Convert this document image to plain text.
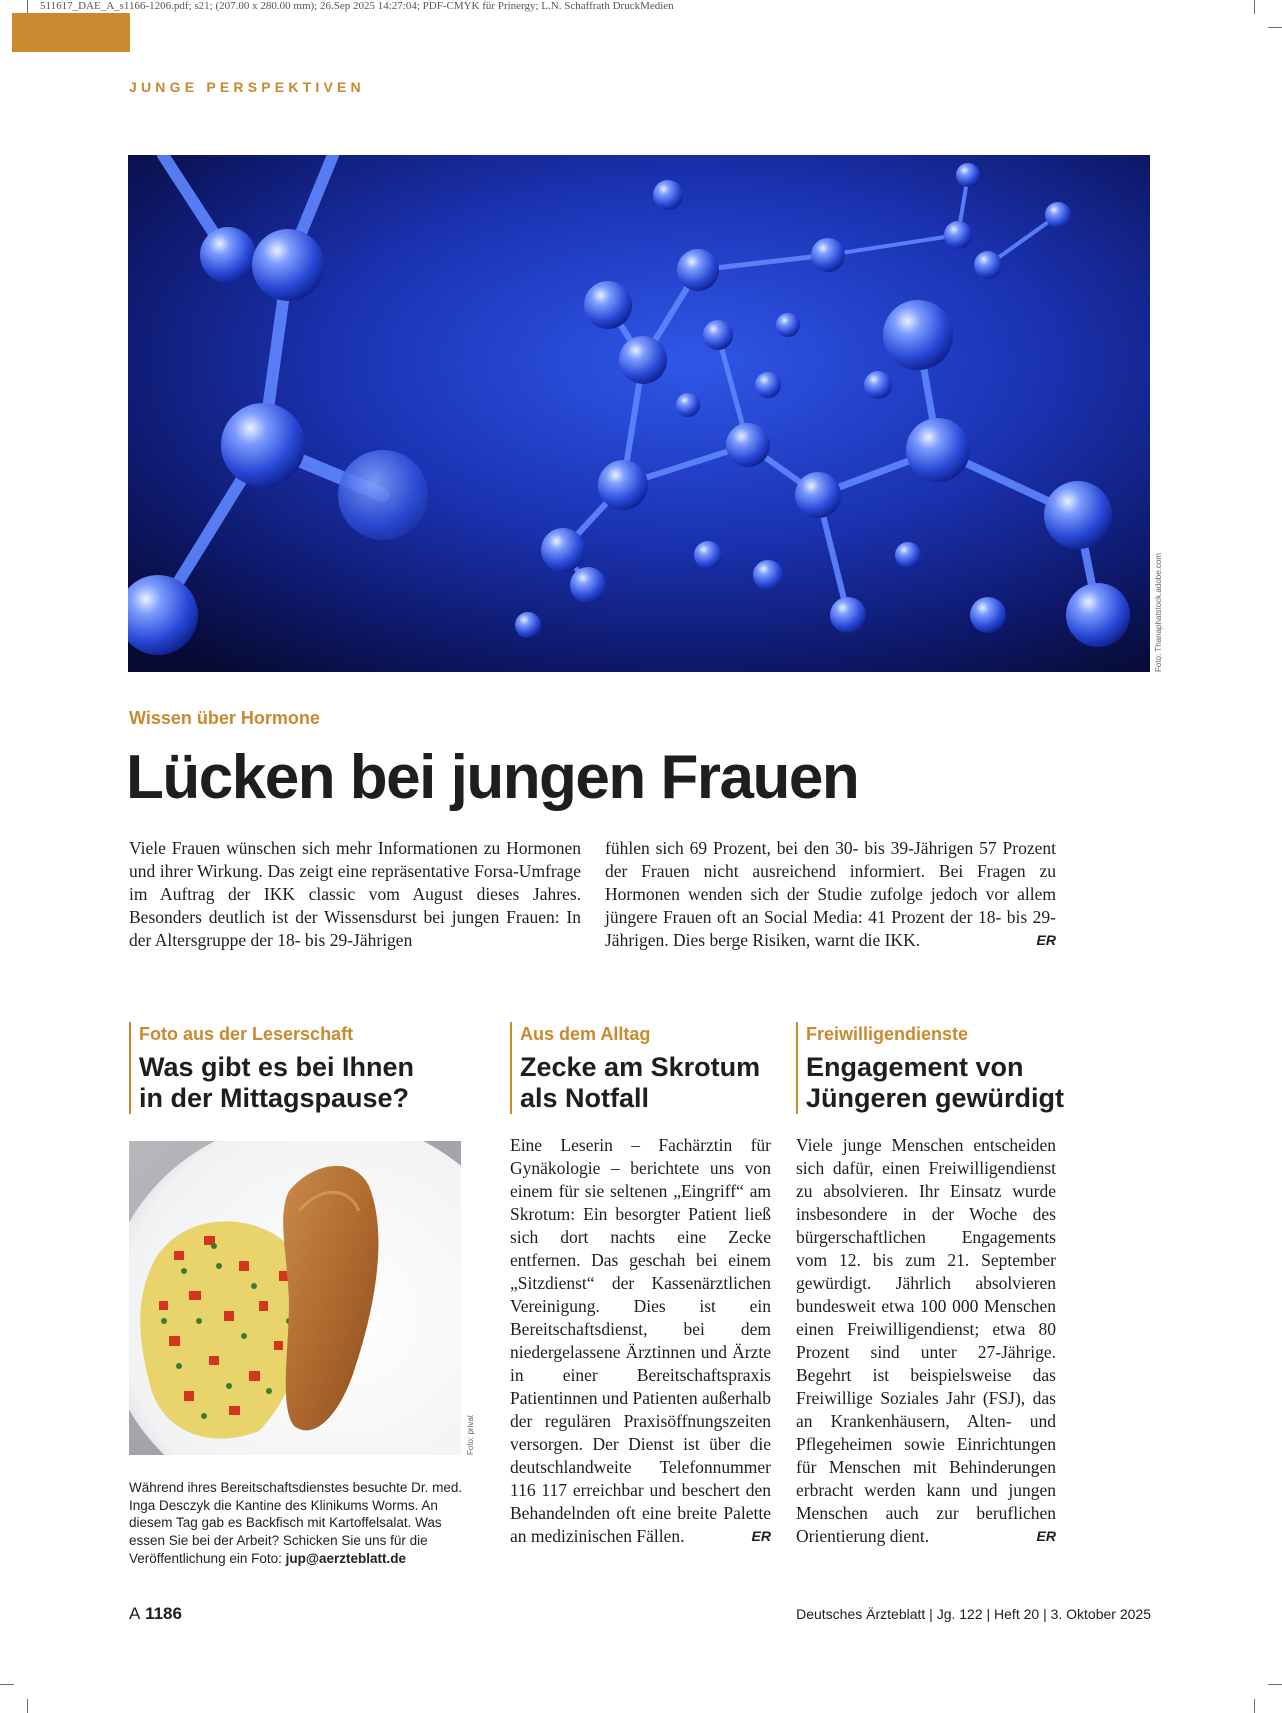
511617_DAE_A_s1166-1206.pdf; s21; (207.00 x 280.00 mm); 26.Sep 2025 14:27:04; PDF-CMYK für Prinergy; L.N. Schaffrath DruckMedien
JUNGE PERSPEKTIVEN
Foto: Thanaphatstock.adobe.com
Wissen über Hormone
Lücken bei jungen Frauen
Viele Frauen wünschen sich mehr Informationen zu Hormonen und ihrer Wirkung. Das zeigt eine repräsentative Forsa-Umfrage im Auftrag der IKK classic vom August dieses Jahres. Besonders deutlich ist der Wissensdurst bei jungen Frauen: In der Altersgruppe der 18- bis 29-Jährigen
fühlen sich 69 Prozent, bei den 30- bis 39-Jährigen 57 Prozent der Frauen nicht ausreichend informiert. Bei Fragen zu Hormonen wenden sich der Studie zufolge jedoch vor allem jüngere Frauen oft an Social Media: 41 Prozent der 18- bis 29-Jährigen. Dies berge Risiken, warnt die IKK.	ER
Foto aus der Leserschaft
Was gibt es bei Ihnen
in der Mittagspause?
Foto: privat
Während ihres Bereitschaftsdienstes besuchte Dr. med. Inga Desczyk die Kantine des Klinikums Worms. An diesem Tag gab es Backfisch mit Kartoffelsalat. Was essen Sie bei der Arbeit? Schicken Sie uns für die Veröffentlichung ein Foto: jup@aerzteblatt.de
Aus dem Alltag
Zecke am Skrotum
als Notfall
Eine Leserin – Fachärztin für Gynäkologie – berichtete uns von einem für sie seltenen „Eingriff“ am Skrotum: Ein besorgter Patient ließ sich dort nachts eine Zecke entfernen. Das geschah bei einem „Sitzdienst“ der Kassenärztlichen Vereinigung. Dies ist ein Bereitschaftsdienst, bei dem niedergelassene Ärztinnen und Ärzte in einer Bereitschaftspraxis Patientinnen und Patienten außerhalb der regulären Praxisöffnungszeiten versorgen. Der Dienst ist über die deutschlandweite Telefonnummer 116 117 erreichbar und beschert den Behandelnden oft eine breite Palette an medizinischen Fällen.	ER
Freiwilligendienste
Engagement von
Jüngeren gewürdigt
Viele junge Menschen entscheiden sich dafür, einen Freiwilligendienst zu absolvieren. Ihr Einsatz wurde insbesondere in der Woche des bürgerschaftlichen Engagements vom 12. bis zum 21. September gewürdigt. Jährlich absolvieren bundesweit etwa 100 000 Menschen einen Freiwilligendienst; etwa 80 Prozent sind unter 27-Jährige. Begehrt ist beispielsweise das Freiwillige Soziales Jahr (FSJ), das an Krankenhäusern, Alten- und Pflegeheimen sowie Einrichtungen für Menschen mit Behinderungen erbracht werden kann und jungen Menschen auch zur beruflichen Orientierung dient.	ER
A 1186	Deutsches Ärzteblatt | Jg. 122 | Heft 20 | 3. Oktober 2025
